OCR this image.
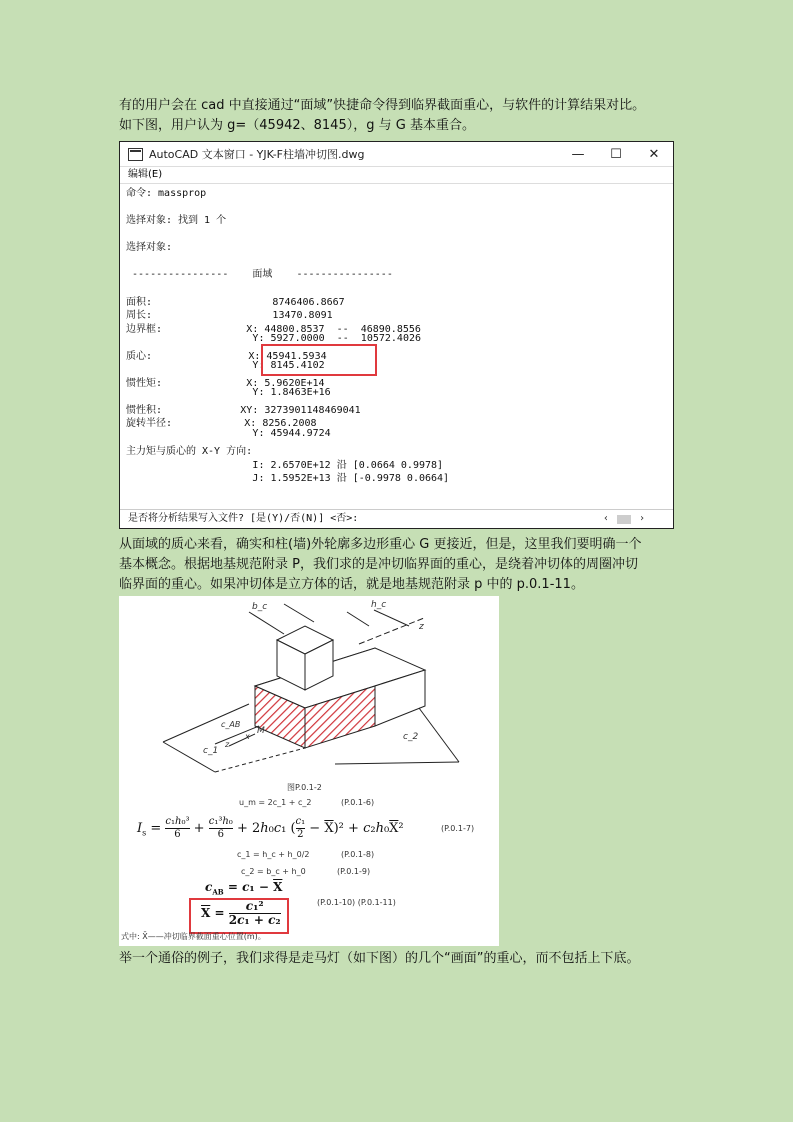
有的用户会在 cad 中直接通过“面域”快捷命令得到临界截面重心，与软件的计算结果对比。
如下图，用户认为 g=（45942、8145），g 与 G 基本重合。
AutoCAD 文本窗口 - YJK-F柱墙冲切图.dwg	—	☐	✕
编辑(E)
命令: massprop
选择对象: 找到 1 个
选择对象:
----------------    面域    ----------------
面积:                    8746406.8667
周长:                    13470.8091
边界框:              X: 44800.8537  --  46890.8556
Y: 5927.0000  --  10572.4026
质心:                X: 45941.5934
Y: 8145.4102
惯性矩:              X: 5.9620E+14
Y: 1.8463E+16
惯性积:             XY: 3273901148469041
旋转半径:            X: 8256.2008
Y: 45944.9724
主力矩与质心的 X-Y 方向:
I: 2.6570E+12 沿 [0.0664 0.9978]
J: 1.5952E+13 沿 [-0.9978 0.0664]
是否将分析结果写入文件? [是(Y)/否(N)] <否>:	‹	›
从面域的质心来看，确实和柱(墙)外轮廓多边形重心 G 更接近，但是，这里我们要明确一个
基本概念。根据地基规范附录 P，我们求的是冲切临界面的重心，是绕着冲切体的周圈冲切
临界面的重心。如果冲切体是立方体的话，就是地基规范附录 p 中的 p.0.1-11。
b_c	h_c
z
c_AB
M
x
z
c_1
c_2
图P.0.1-2
u_m = 2c_1 + c_2	(P.0.1-6)
$I_s = \frac{\text{c₁h₀³}}{6} + \frac{\text{c₁³h₀}}{6} + 2h_0c_1$ ( $\frac{\text{c₁}}{2} - \overline{X})^2 + c_2h_0\overline{X}^2$	(P.0.1-7)
c_1 = h_c + h_0/2	(P.0.1-8)
c_2 = b_c + h_0	(P.0.1-9)
$c_{AB} = c_1 - \overline{X}$
$\overline{X} = \frac{\text{c₁²}}{\text{2c₁ + c₂}}$	(P.0.1-10) (P.0.1-11)
式中: X̄——冲切临界截面重心位置(m)。
举一个通俗的例子，我们求得是走马灯（如下图）的几个“画面”的重心，而不包括上下底。
